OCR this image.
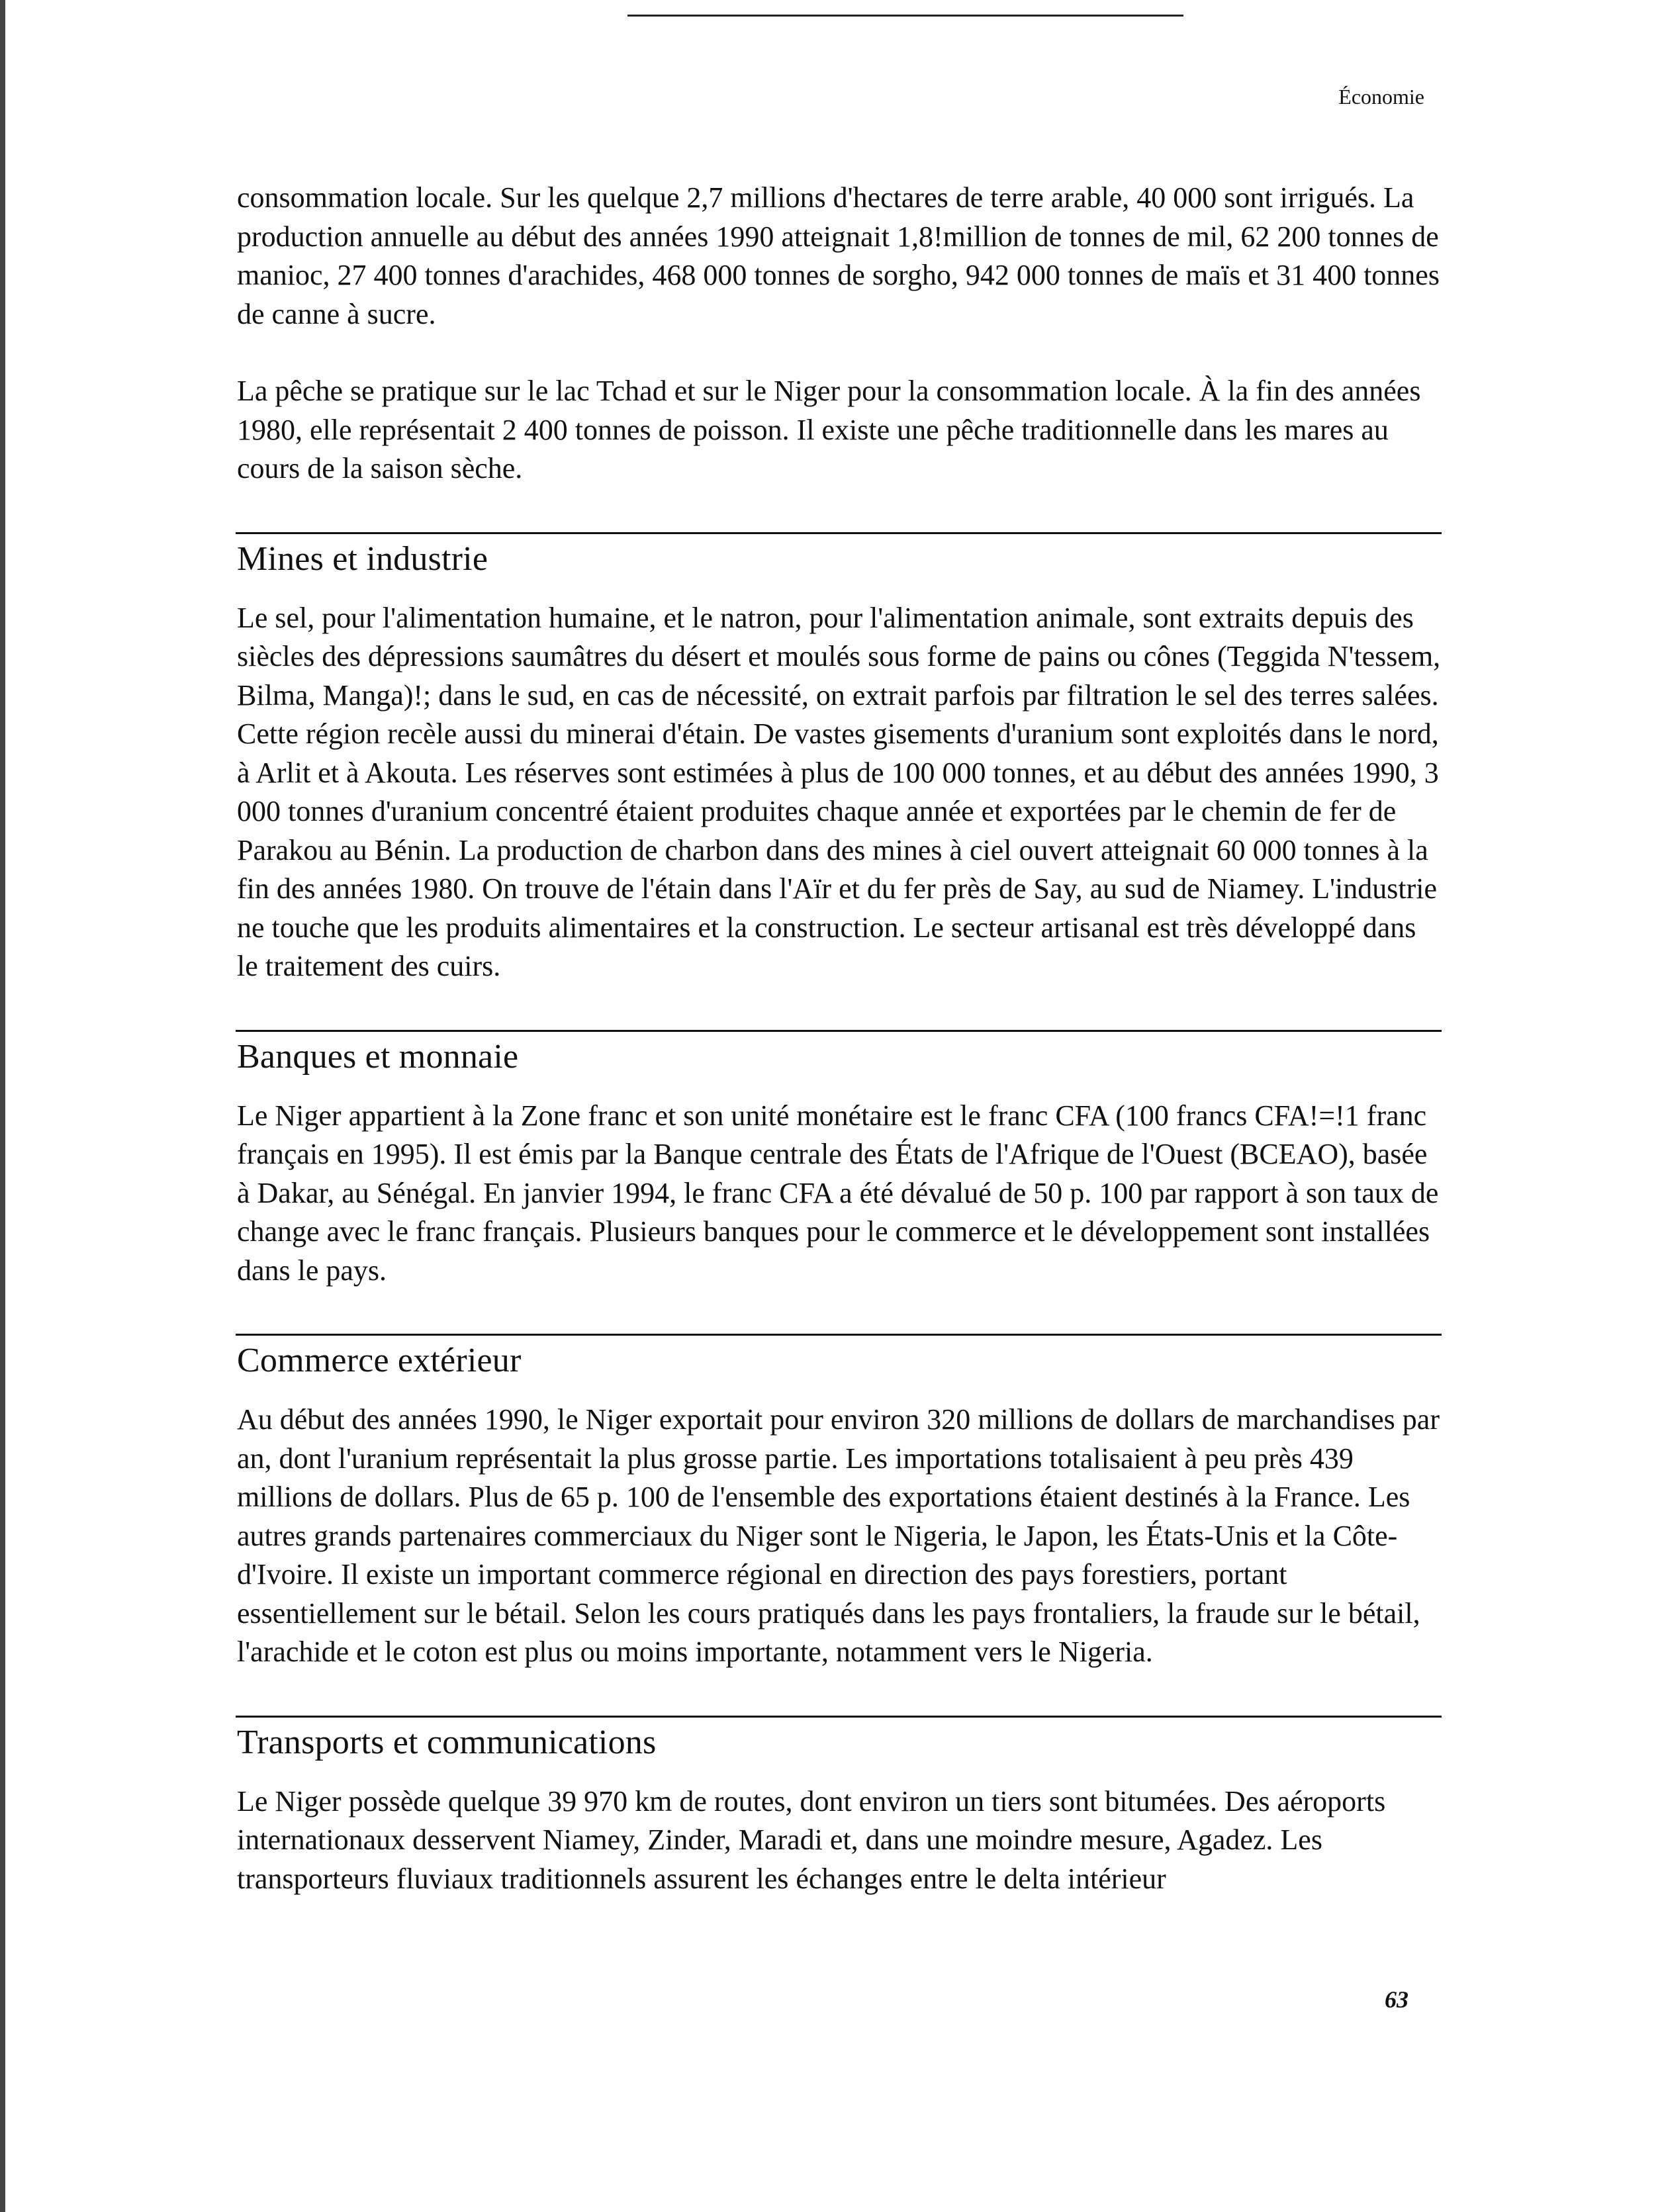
Économie

consommation locale. Sur les quelque 2,7 millions d'hectares de terre arable, 40 000 sont irrigués. La production annuelle au début des années 1990 atteignait 1,8!million de tonnes de mil, 62 200 tonnes de manioc, 27 400 tonnes d'arachides, 468 000 tonnes de sorgho, 942 000 tonnes de maïs et 31 400 tonnes de canne à sucre.

La pêche se pratique sur le lac Tchad et sur le Niger pour la consommation locale. À la fin des années 1980, elle représentait 2 400 tonnes de poisson. Il existe une pêche traditionnelle dans les mares au cours de la saison sèche.

Mines et industrie

Le sel, pour l'alimentation humaine, et le natron, pour l'alimentation animale, sont extraits depuis des siècles des dépressions saumâtres du désert et moulés sous forme de pains ou cônes (Teggida N'tessem, Bilma, Manga)!; dans le sud, en cas de nécessité, on extrait parfois par filtration le sel des terres salées. Cette région recèle aussi du minerai d'étain. De vastes gisements d'uranium sont exploités dans le nord, à Arlit et à Akouta. Les réserves sont estimées à plus de 100 000 tonnes, et au début des années 1990, 3 000 tonnes d'uranium concentré étaient produites chaque année et exportées par le chemin de fer de Parakou au Bénin. La production de charbon dans des mines à ciel ouvert atteignait 60 000 tonnes à la fin des années 1980. On trouve de l'étain dans l'Aïr et du fer près de Say, au sud de Niamey. L'industrie ne touche que les produits alimentaires et la construction. Le secteur artisanal est très développé dans le traitement des cuirs.

Banques et monnaie

Le Niger appartient à la Zone franc et son unité monétaire est le franc CFA (100 francs CFA!=!1 franc français en 1995). Il est émis par la Banque centrale des États de l'Afrique de l'Ouest (BCEAO), basée à Dakar, au Sénégal. En janvier 1994, le franc CFA a été dévalué de 50 p. 100 par rapport à son taux de change avec le franc français. Plusieurs banques pour le commerce et le développement sont installées dans le pays.

Commerce extérieur

Au début des années 1990, le Niger exportait pour environ 320 millions de dollars de marchandises par an, dont l'uranium représentait la plus grosse partie. Les importations totalisaient à peu près 439 millions de dollars. Plus de 65 p. 100 de l'ensemble des exportations étaient destinés à la France. Les autres grands partenaires commerciaux du Niger sont le Nigeria, le Japon, les États-Unis et la Côte-d'Ivoire. Il existe un important commerce régional en direction des pays forestiers, portant essentiellement sur le bétail. Selon les cours pratiqués dans les pays frontaliers, la fraude sur le bétail, l'arachide et le coton est plus ou moins importante, notamment vers le Nigeria.

Transports et communications

Le Niger possède quelque 39 970 km de routes, dont environ un tiers sont bitumées. Des aéroports internationaux desservent Niamey, Zinder, Maradi et, dans une moindre mesure, Agadez. Les transporteurs fluviaux traditionnels assurent les échanges entre le delta intérieur

63
